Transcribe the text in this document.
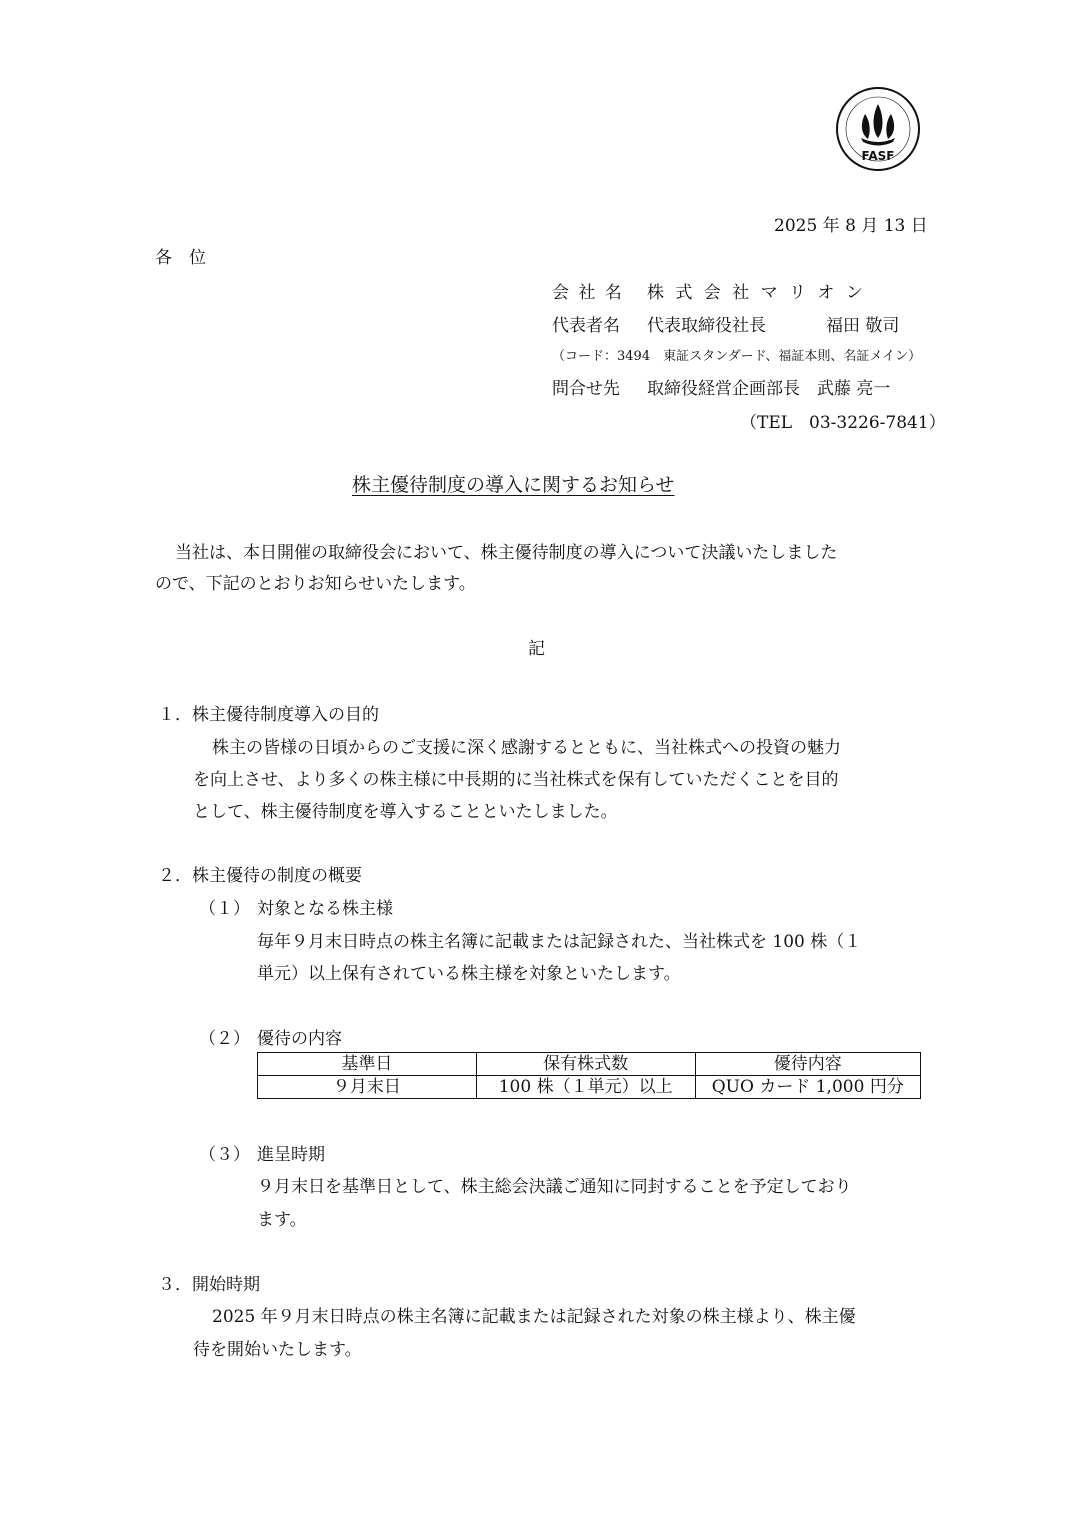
FASF
2025 年 8 月 13 日
各　位
会 社 名 株 式 会 社 マ リ オ ン
代表者名 代表取締役社長	福田 敬司
（コード：3494　東証スタンダード、福証本則、名証メイン）
問合せ先 取締役経営企画部長　武藤 亮一
（TEL　03-3226-7841）
株主優待制度の導入に関するお知らせ
当社は、本日開催の取締役会において、株主優待制度の導入について決議いたしました
ので、下記のとおりお知らせいたします。
記
１．株主優待制度導入の目的
株主の皆様の日頃からのご支援に深く感謝するとともに、当社株式への投資の魅力
を向上させ、より多くの株主様に中長期的に当社株式を保有していただくことを目的
として、株主優待制度を導入することといたしました。
２．株主優待の制度の概要
（１） 対象となる株主様
毎年９月末日時点の株主名簿に記載または記録された、当社株式を 100 株（１
単元）以上保有されている株主様を対象といたします。
（２） 優待の内容
基準日	保有株式数	優待内容
９月末日	100 株（１単元）以上	QUO カード 1,000 円分
（３） 進呈時期
９月末日を基準日として、株主総会決議ご通知に同封することを予定しており
ます。
３．開始時期
2025 年９月末日時点の株主名簿に記載または記録された対象の株主様より、株主優
待を開始いたします。
